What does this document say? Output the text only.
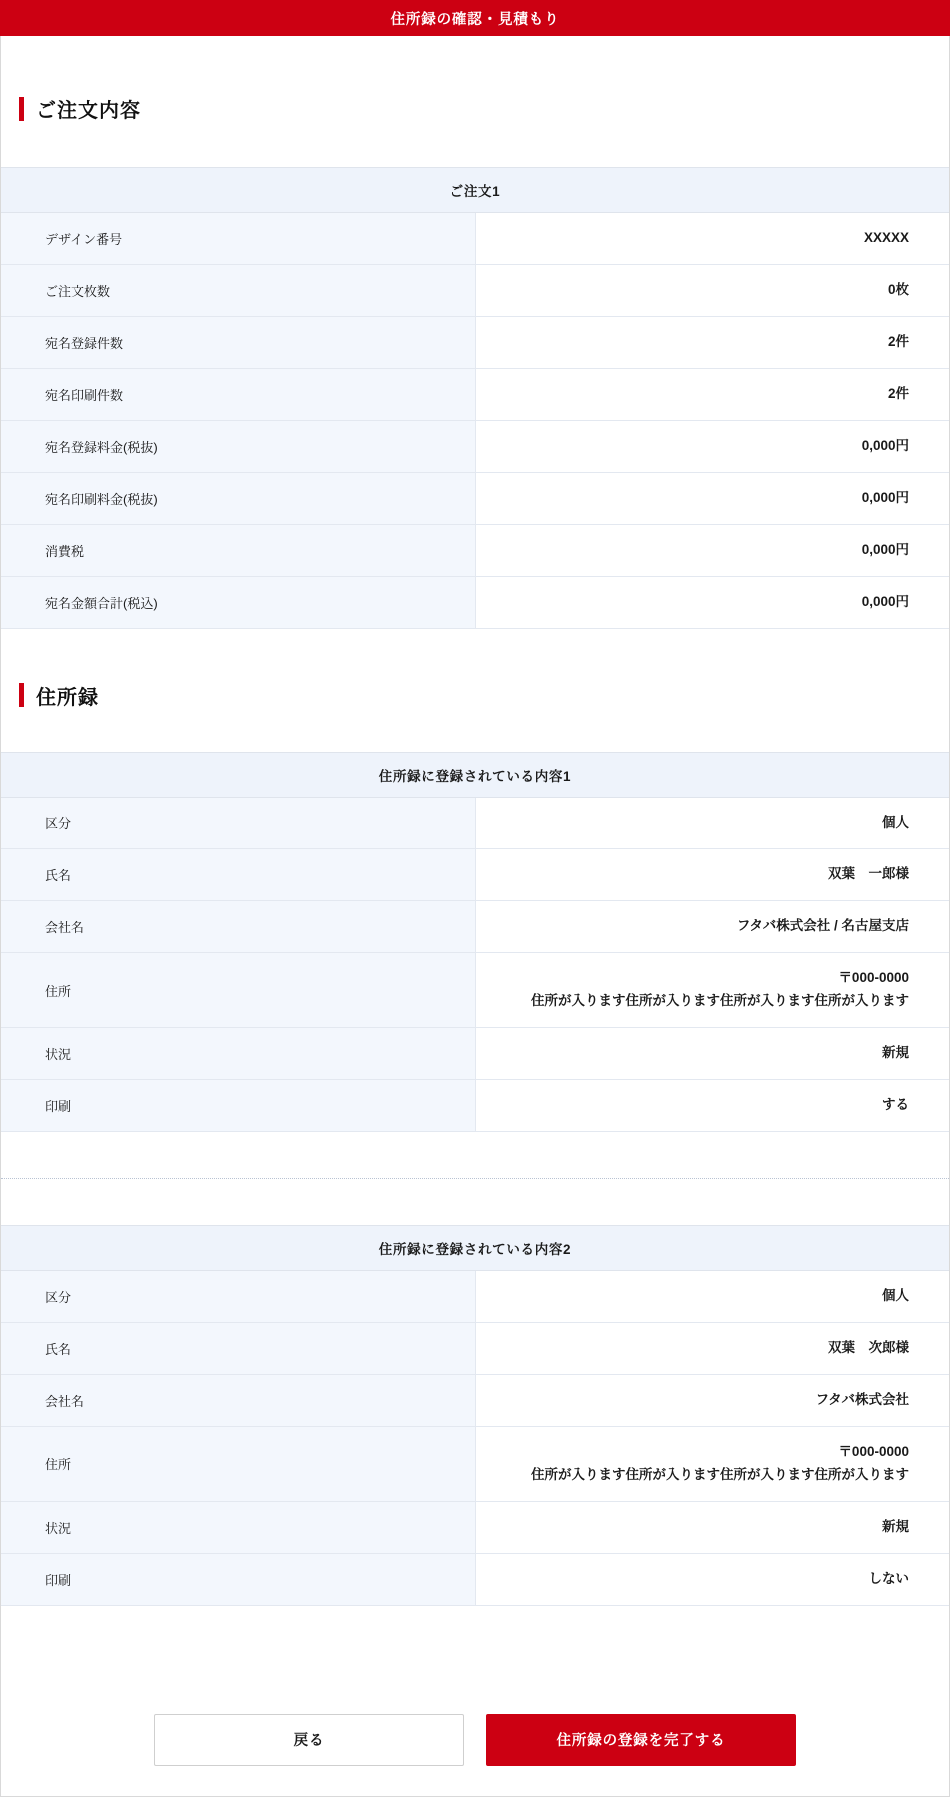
住所録の確認・見積もり
ご注文内容
ご注文1	
デザイン番号	XXXXX
ご注文枚数	0枚
宛名登録件数	2件
宛名印刷件数	2件
宛名登録料金(税抜)	0,000円
宛名印刷料金(税抜)	0,000円
消費税	0,000円
宛名金額合計(税込)	0,000円
住所録
住所録に登録されている内容1	
区分	個人
氏名	双葉　一郎様
会社名	フタバ株式会社 / 名古屋支店
住所	〒000-0000
住所が入ります住所が入ります住所が入ります住所が入ります

状況	新規
印刷	する
住所録に登録されている内容2	
区分	個人
氏名	双葉　次郎様
会社名	フタバ株式会社
住所	〒000-0000
住所が入ります住所が入ります住所が入ります住所が入ります

状況	新規
印刷	しない
戻る	住所録の登録を完了する
